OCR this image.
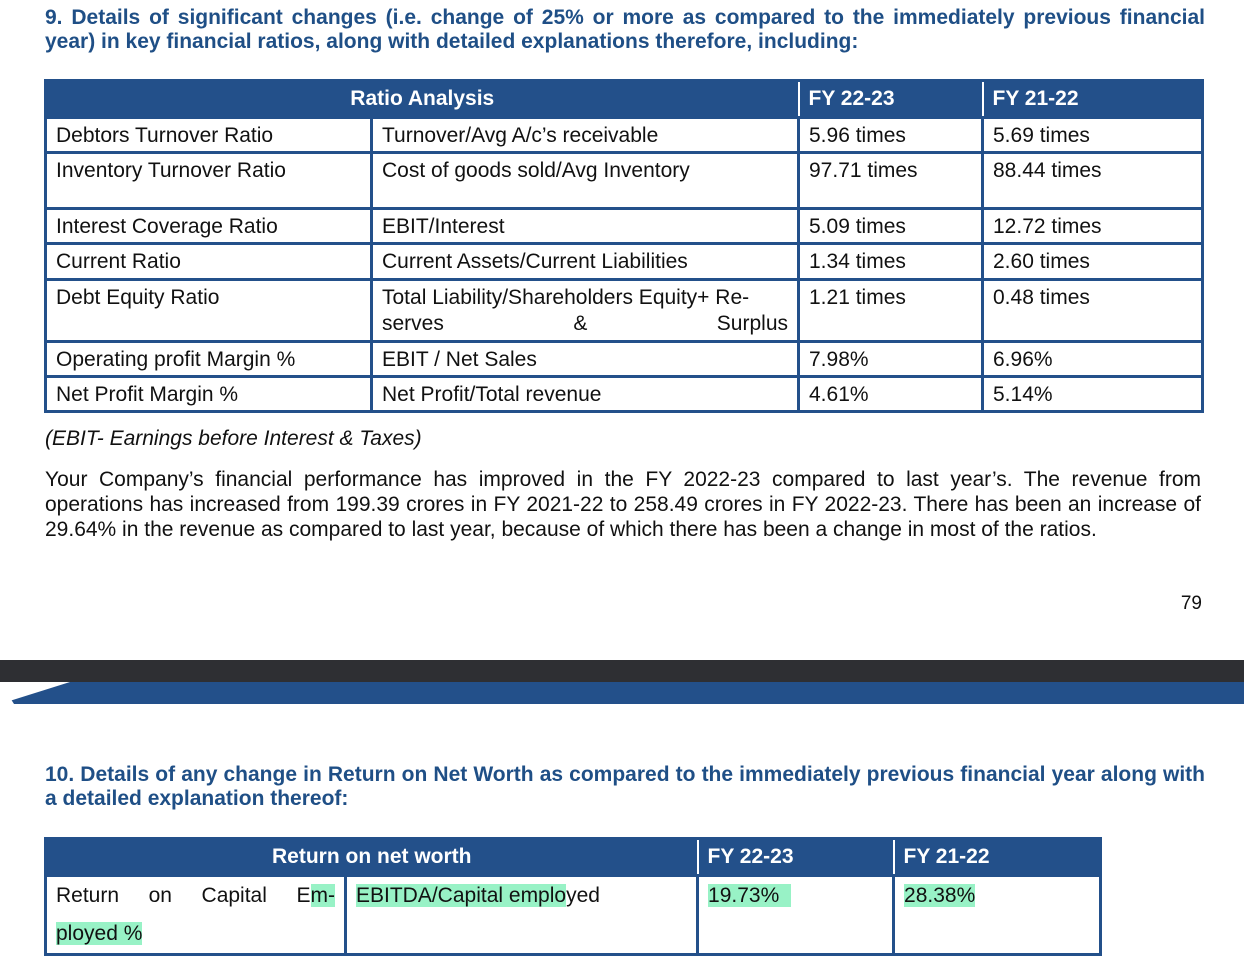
9. Details of significant changes (i.e. change of 25% or more as compared to the immediately previous financial year) in key financial ratios, along with detailed explanations therefore, including:

Ratio Analysis		FY 22-23	FY 21-22
Debtors Turnover Ratio	Turnover/Avg A/c’s receivable	5.96 times	5.69 times
Inventory Turnover Ratio	Cost of goods sold/Avg Inventory	97.71 times	88.44 times
Interest Coverage Ratio	EBIT/Interest	5.09 times	12.72 times
Current Ratio	Current Assets/Current Liabilities	1.34 times	2.60 times
Debt Equity Ratio	Total Liability/Shareholders Equity+ Re-serves & Surplus	1.21 times	0.48 times
Operating profit Margin %	EBIT / Net Sales	7.98%	6.96%
Net Profit Margin %	Net Profit/Total revenue	4.61%	5.14%
(EBIT- Earnings before Interest & Taxes)

Your Company’s financial performance has improved in the FY 2022-23 compared to last year’s. The revenue from operations has increased from 199.39 crores in FY 2021-22 to 258.49 crores in FY 2022-23. There has been an increase of 29.64% in the revenue as compared to last year, because of which there has been a change in most of the ratios.

79

10. Details of any change in Return on Net Worth as compared to the immediately previous financial year along with a detailed explanation thereof:

Return on net worth		FY 22-23	FY 21-22

Return on Capital Em-
ployed %	EBITDA/Capital employed	19.73%	28.38%
